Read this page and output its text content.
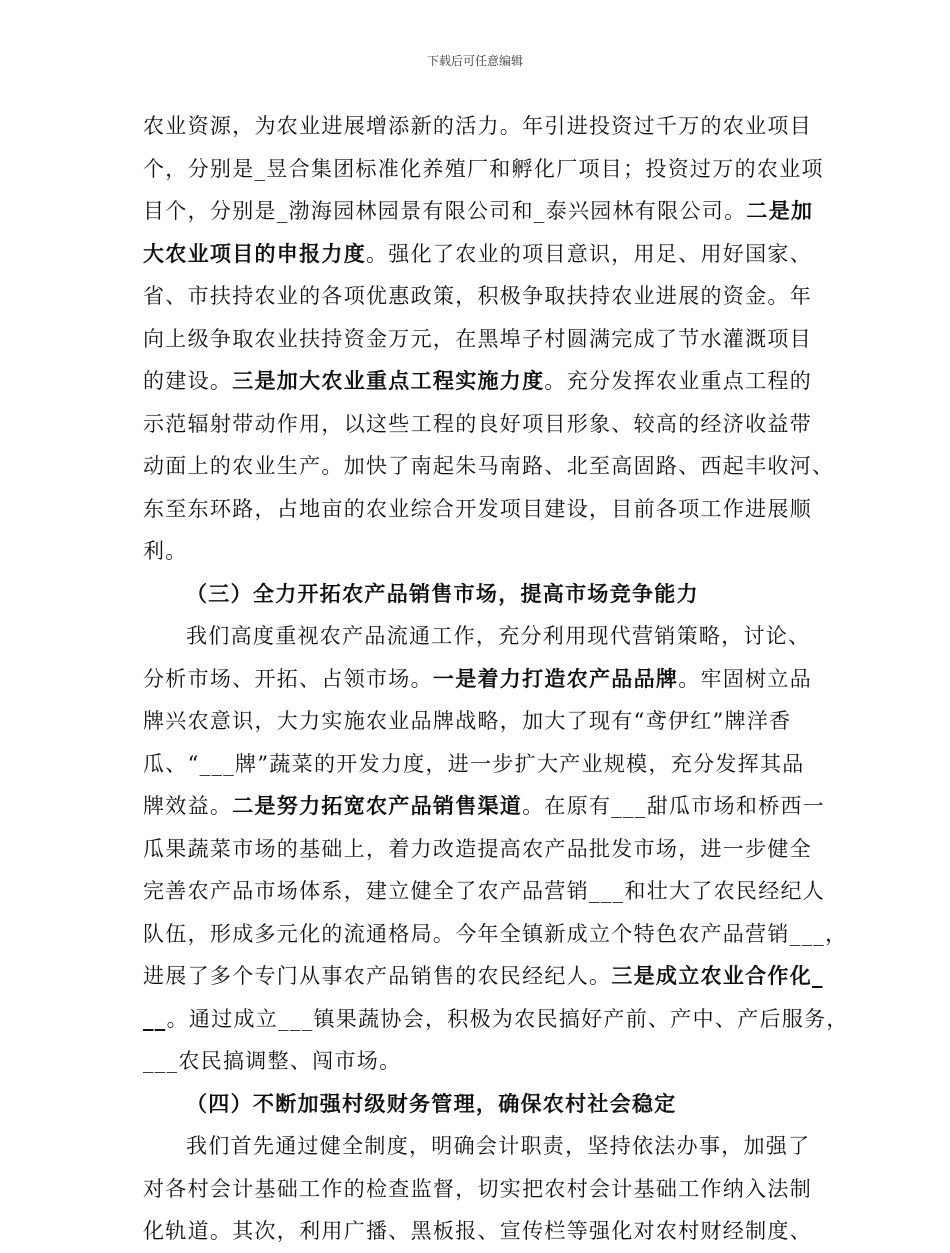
下载后可任意编辑
农业资源，为农业进展增添新的活力。年引进投资过千万的农业项目
个，分别是_昱合集团标准化养殖厂和孵化厂项目；投资过万的农业项
目个，分别是_渤海园林园景有限公司和_泰兴园林有限公司。二是加
大农业项目的申报力度。强化了农业的项目意识，用足、用好国家、
省、市扶持农业的各项优惠政策，积极争取扶持农业进展的资金。年
向上级争取农业扶持资金万元，在黑埠子村圆满完成了节水灌溉项目
的建设。三是加大农业重点工程实施力度。充分发挥农业重点工程的
示范辐射带动作用，以这些工程的良好项目形象、较高的经济收益带
动面上的农业生产。加快了南起朱马南路、北至高固路、西起丰收河、
东至东环路，占地亩的农业综合开发项目建设，目前各项工作进展顺
利。
（三）全力开拓农产品销售市场，提高市场竞争能力
我们高度重视农产品流通工作，充分利用现代营销策略，讨论、
分析市场、开拓、占领市场。一是着力打造农产品品牌。牢固树立品
牌兴农意识，大力实施农业品牌战略，加大了现有“鸢伊红”牌洋香
瓜、“___牌”蔬菜的开发力度，进一步扩大产业规模，充分发挥其品
牌效益。二是努力拓宽农产品销售渠道。在原有___甜瓜市场和桥西一
瓜果蔬菜市场的基础上，着力改造提高农产品批发市场，进一步健全
完善农产品市场体系，建立健全了农产品营销___和壮大了农民经纪人
队伍，形成多元化的流通格局。今年全镇新成立个特色农产品营销___，
进展了多个专门从事农产品销售的农民经纪人。三是成立农业合作化_
__。通过成立___镇果蔬协会，积极为农民搞好产前、产中、产后服务，
___农民搞调整、闯市场。
（四）不断加强村级财务管理，确保农村社会稳定
我们首先通过健全制度，明确会计职责，坚持依法办事，加强了
对各村会计基础工作的检查监督，切实把农村会计基础工作纳入法制
化轨道。其次，利用广播、黑板报、宣传栏等强化对农村财经制度、
